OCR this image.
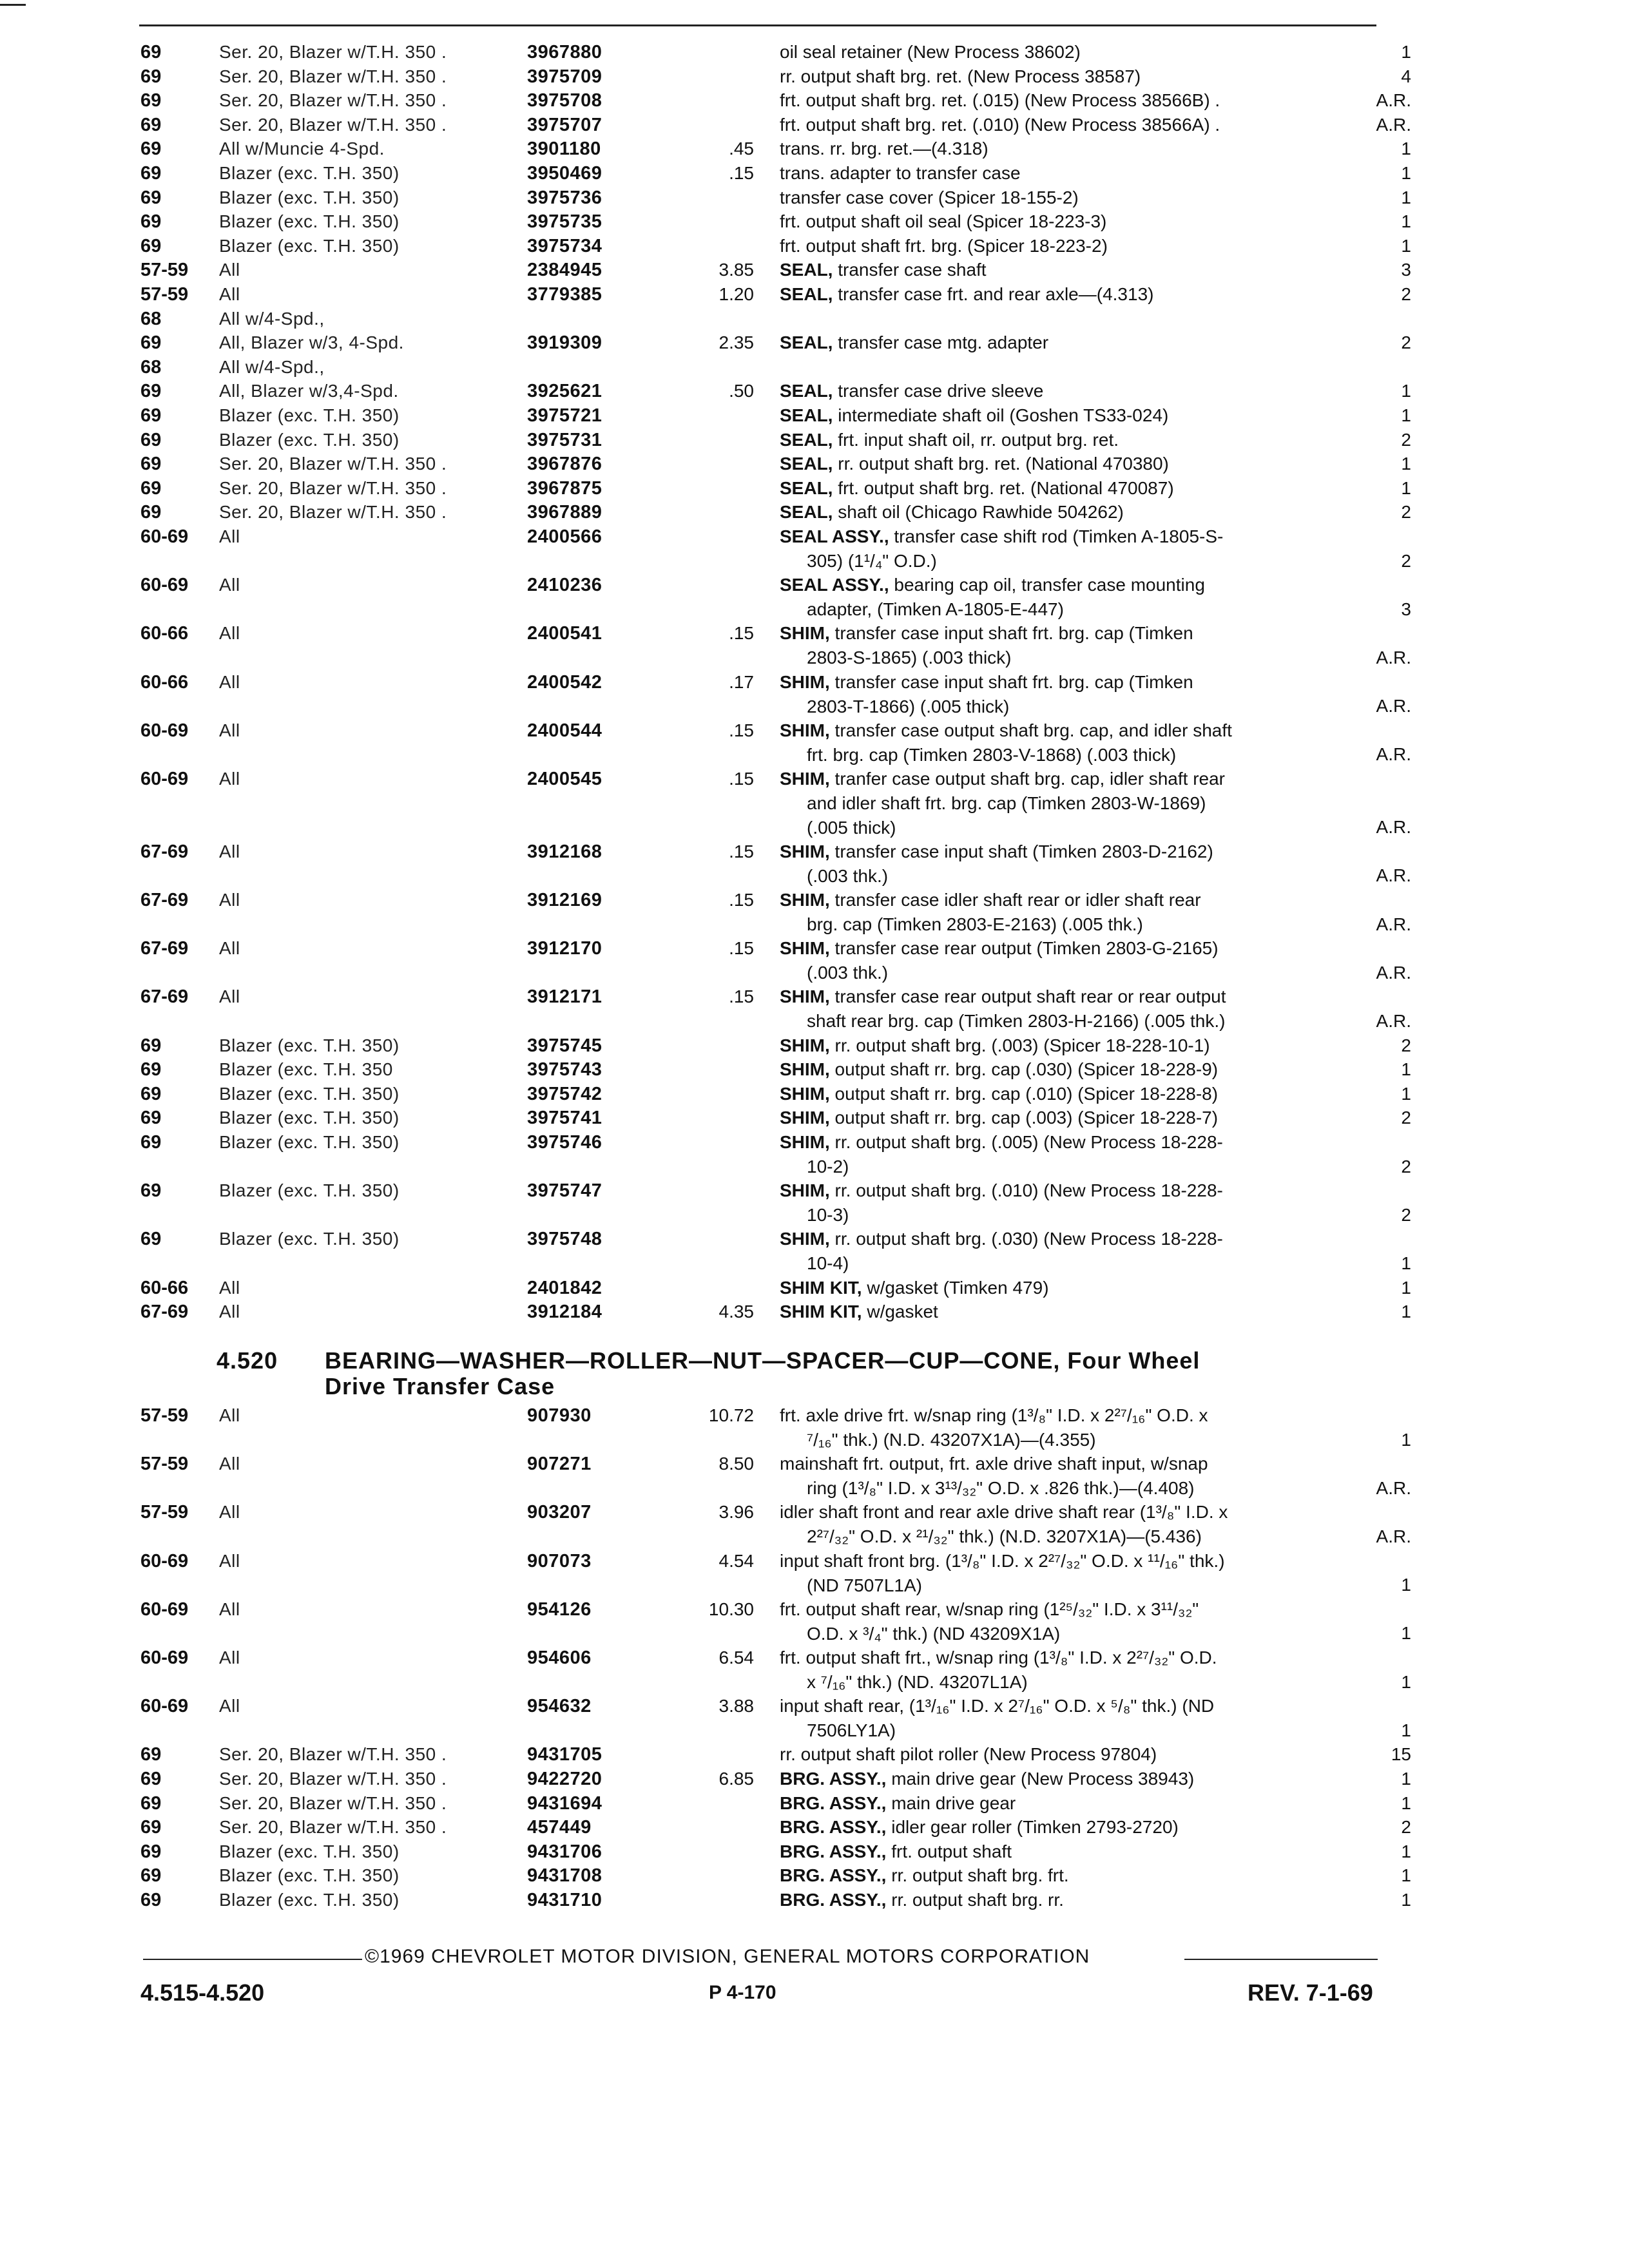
69	Ser. 20, Blazer w/T.H. 350 .	3967880	oil seal retainer (New Process 38602)	1
69	Ser. 20, Blazer w/T.H. 350 .	3975709	rr. output shaft brg. ret. (New Process 38587)	4
69	Ser. 20, Blazer w/T.H. 350 .	3975708	frt. output shaft brg. ret. (.015) (New Process 38566B) .	A.R.
69	Ser. 20, Blazer w/T.H. 350 .	3975707	frt. output shaft brg. ret. (.010) (New Process 38566A) .	A.R.
69	All w/Muncie 4-Spd.	3901180	.45 trans. rr. brg. ret.—(4.318)	1
69	Blazer (exc. T.H. 350)	3950469	.15 trans. adapter to transfer case	1
69	Blazer (exc. T.H. 350)	3975736	transfer case cover (Spicer 18-155-2)	1
69	Blazer (exc. T.H. 350)	3975735	frt. output shaft oil seal (Spicer 18-223-3)	1
69	Blazer (exc. T.H. 350)	3975734	frt. output shaft frt. brg. (Spicer 18-223-2)	1
57-59 All	2384945	3.85 SEAL, transfer case shaft	3
57-59 All	3779385	1.20 SEAL, transfer case frt. and rear axle—(4.313)	2
68	All w/4-Spd.,
69	All, Blazer w/3, 4-Spd.	3919309	2.35 SEAL, transfer case mtg. adapter	2
68	All w/4-Spd.,
69	All, Blazer w/3,4-Spd.	3925621	.50 SEAL, transfer case drive sleeve	1
69	Blazer (exc. T.H. 350)	3975721	SEAL, intermediate shaft oil (Goshen TS33-024)	1
69	Blazer (exc. T.H. 350)	3975731	SEAL, frt. input shaft oil, rr. output brg. ret.	2
69	Ser. 20, Blazer w/T.H. 350 .	3967876	SEAL, rr. output shaft brg. ret. (National 470380)	1
69	Ser. 20, Blazer w/T.H. 350 .	3967875	SEAL, frt. output shaft brg. ret. (National 470087)	1
69	Ser. 20, Blazer w/T.H. 350 .	3967889	SEAL, shaft oil (Chicago Rawhide 504262)	2
60-69 All	2400566	SEAL ASSY., transfer case shift rod (Timken A-1805-S-
305) (1¹/₄" O.D.)	2
60-69 All	2410236	SEAL ASSY., bearing cap oil, transfer case mounting
adapter, (Timken A-1805-E-447)	3
60-66 All	2400541	.15 SHIM, transfer case input shaft frt. brg. cap (Timken
2803-S-1865) (.003 thick)	A.R.
60-66 All	2400542	.17 SHIM, transfer case input shaft frt. brg. cap (Timken
2803-T-1866) (.005 thick)	A.R.
60-69 All	2400544	.15 SHIM, transfer case output shaft brg. cap, and idler shaft
frt. brg. cap (Timken 2803-V-1868) (.003 thick)	A.R.
60-69 All	2400545	.15 SHIM, tranfer case output shaft brg. cap, idler shaft rear
and idler shaft frt. brg. cap (Timken 2803-W-1869)
(.005 thick)	A.R.
67-69 All	3912168	.15 SHIM, transfer case input shaft (Timken 2803-D-2162)
(.003 thk.)	A.R.
67-69 All	3912169	.15 SHIM, transfer case idler shaft rear or idler shaft rear
brg. cap (Timken 2803-E-2163) (.005 thk.)	A.R.
67-69 All	3912170	.15 SHIM, transfer case rear output (Timken 2803-G-2165)
(.003 thk.)	A.R.
67-69 All	3912171	.15 SHIM, transfer case rear output shaft rear or rear output
shaft rear brg. cap (Timken 2803-H-2166) (.005 thk.)	A.R.
69	Blazer (exc. T.H. 350)	3975745	SHIM, rr. output shaft brg. (.003) (Spicer 18-228-10-1)	2
69	Blazer (exc. T.H. 350	3975743	SHIM, output shaft rr. brg. cap (.030) (Spicer 18-228-9)	1
69	Blazer (exc. T.H. 350)	3975742	SHIM, output shaft rr. brg. cap (.010) (Spicer 18-228-8)	1
69	Blazer (exc. T.H. 350)	3975741	SHIM, output shaft rr. brg. cap (.003) (Spicer 18-228-7)	2
69	Blazer (exc. T.H. 350)	3975746	SHIM, rr. output shaft brg. (.005) (New Process 18-228-
10-2)	2
69	Blazer (exc. T.H. 350)	3975747	SHIM, rr. output shaft brg. (.010) (New Process 18-228-
10-3)	2
69	Blazer (exc. T.H. 350)	3975748	SHIM, rr. output shaft brg. (.030) (New Process 18-228-
10-4)	1
60-66 All	2401842	SHIM KIT, w/gasket (Timken 479)	1
67-69 All	3912184	4.35 SHIM KIT, w/gasket	1
4.520 BEARING—WASHER—ROLLER—NUT—SPACER—CUP—CONE, Four Wheel
Drive Transfer Case
57-59 All	907930	10.72 frt. axle drive frt. w/snap ring (1³/₈" I.D. x 2²⁷/₁₆" O.D. x
⁷/₁₆" thk.) (N.D. 43207X1A)—(4.355)	1
57-59 All	907271	8.50 mainshaft frt. output, frt. axle drive shaft input, w/snap
ring (1³/₈" I.D. x 3¹³/₃₂" O.D. x .826 thk.)—(4.408)	A.R.
57-59 All	903207	3.96 idler shaft front and rear axle drive shaft rear (1³/₈" I.D. x
2²⁷/₃₂" O.D. x ²¹/₃₂" thk.) (N.D. 3207X1A)—(5.436)	A.R.
60-69 All	907073	4.54 input shaft front brg. (1³/₈" I.D. x 2²⁷/₃₂" O.D. x ¹¹/₁₆" thk.)
(ND 7507L1A)	1
60-69 All	954126	10.30 frt. output shaft rear, w/snap ring (1²⁵/₃₂" I.D. x 3¹¹/₃₂"
O.D. x ³/₄" thk.) (ND 43209X1A)	1
60-69 All	954606	6.54 frt. output shaft frt., w/snap ring (1³/₈" I.D. x 2²⁷/₃₂" O.D.
x ⁷/₁₆" thk.) (ND. 43207L1A)	1
60-69 All	954632	3.88 input shaft rear, (1³/₁₆" I.D. x 2⁷/₁₆" O.D. x ⁵/₈" thk.) (ND
7506LY1A)	1
69	Ser. 20, Blazer w/T.H. 350 .	9431705	rr. output shaft pilot roller (New Process 97804)	15
69	Ser. 20, Blazer w/T.H. 350 .	9422720	6.85 BRG. ASSY., main drive gear (New Process 38943)	1
69	Ser. 20, Blazer w/T.H. 350 .	9431694	BRG. ASSY., main drive gear	1
69	Ser. 20, Blazer w/T.H. 350 .	457449	BRG. ASSY., idler gear roller (Timken 2793-2720)	2
69	Blazer (exc. T.H. 350)	9431706	BRG. ASSY., frt. output shaft	1
69	Blazer (exc. T.H. 350)	9431708	BRG. ASSY., rr. output shaft brg. frt.	1
69	Blazer (exc. T.H. 350)	9431710	BRG. ASSY., rr. output shaft brg. rr.	1
©1969 CHEVROLET MOTOR DIVISION, GENERAL MOTORS CORPORATION
4.515-4.520	P 4-170	REV. 7-1-69
